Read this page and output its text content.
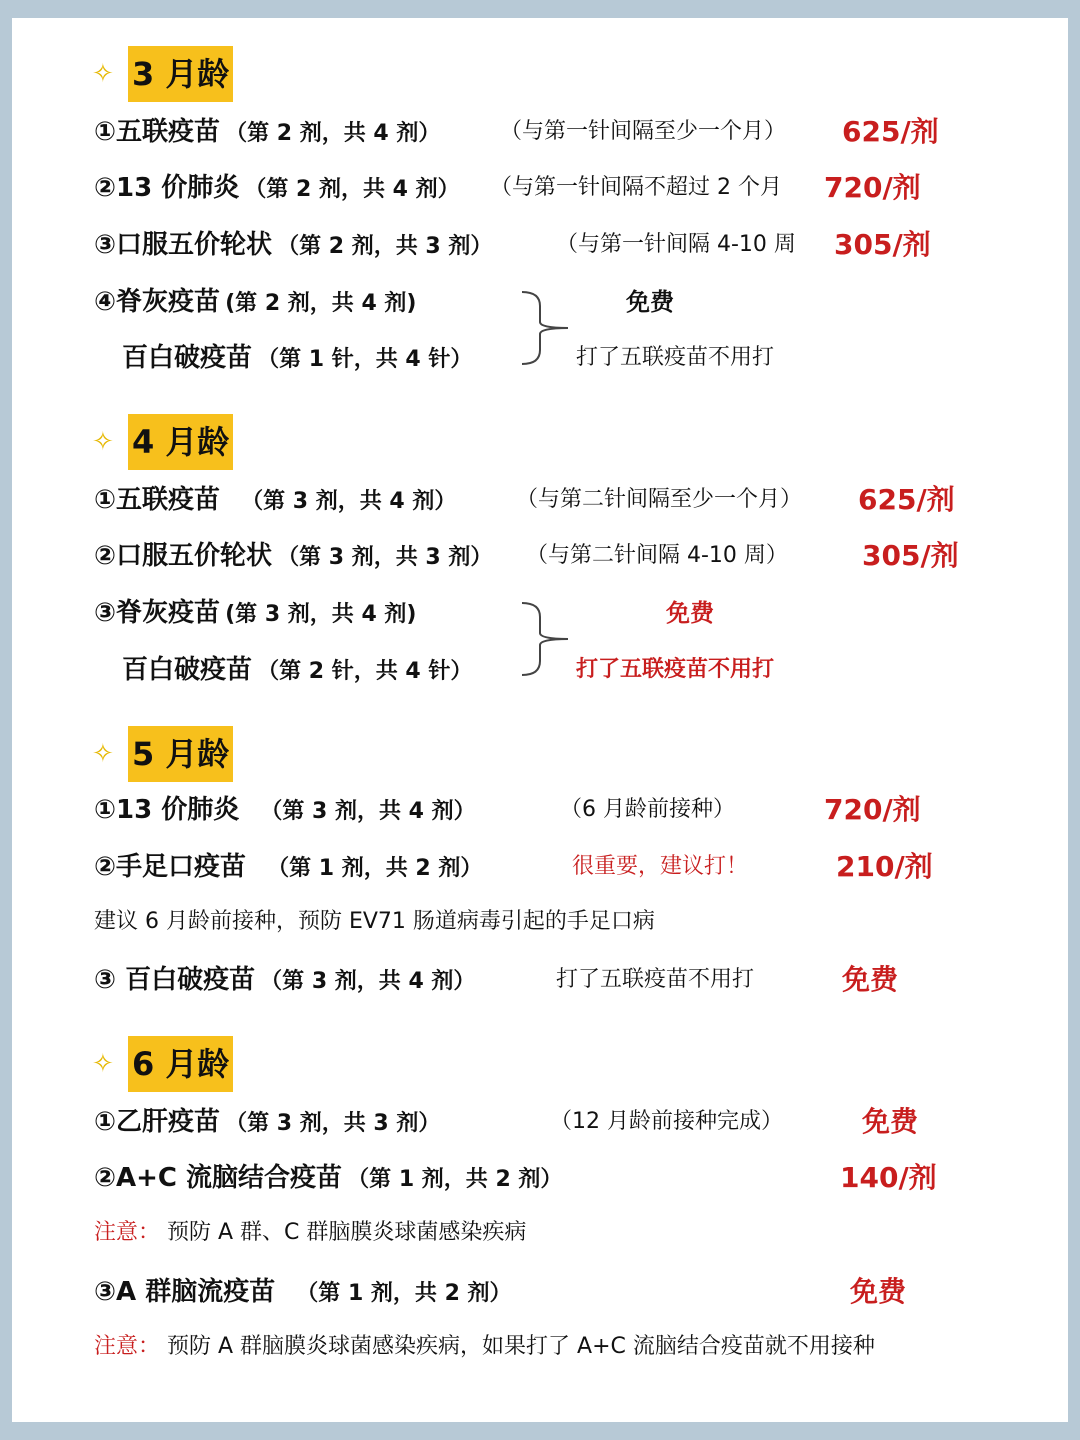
✧ 3 月龄
①五联疫苗 （第 2 剂，共 4 剂）	（与第一针间隔至少一个月） 625/剂
②13 价肺炎 （第 2 剂，共 4 剂） （与第一针间隔不超过 2 个月 720/剂
③口服五价轮状 （第 2 剂，共 3 剂）	（与第一针间隔 4-10 周 305/剂
④脊灰疫苗 (第 2 剂，共 4 剂)
百白破疫苗 （第 1 针，共 4 针）
免费
打了五联疫苗不用打
✧ 4 月龄
①五联疫苗 （第 3 剂，共 4 剂）	（与第二针间隔至少一个月） 625/剂
②口服五价轮状 （第 3 剂，共 3 剂） （与第二针间隔 4-10 周）	305/剂
③脊灰疫苗 (第 3 剂，共 4 剂)
百白破疫苗 （第 2 针，共 4 针）
免费
打了五联疫苗不用打
✧ 5 月龄
①13 价肺炎 （第 3 剂，共 4 剂）	（6 月龄前接种）	720/剂
②手足口疫苗 （第 1 剂，共 2 剂）	很重要，建议打！	210/剂
建议 6 月龄前接种，预防 EV71 肠道病毒引起的手足口病
③ 百白破疫苗 （第 3 剂，共 4 剂）	打了五联疫苗不用打	免费
✧ 6 月龄
①乙肝疫苗 （第 3 剂，共 3 剂）	（12 月龄前接种完成）	免费
②A+C 流脑结合疫苗 （第 1 剂，共 2 剂）	140/剂
注意： 预防 A 群、C 群脑膜炎球菌感染疾病
③A 群脑流疫苗 （第 1 剂，共 2 剂）	免费
注意： 预防 A 群脑膜炎球菌感染疾病，如果打了 A+C 流脑结合疫苗就不用接种
